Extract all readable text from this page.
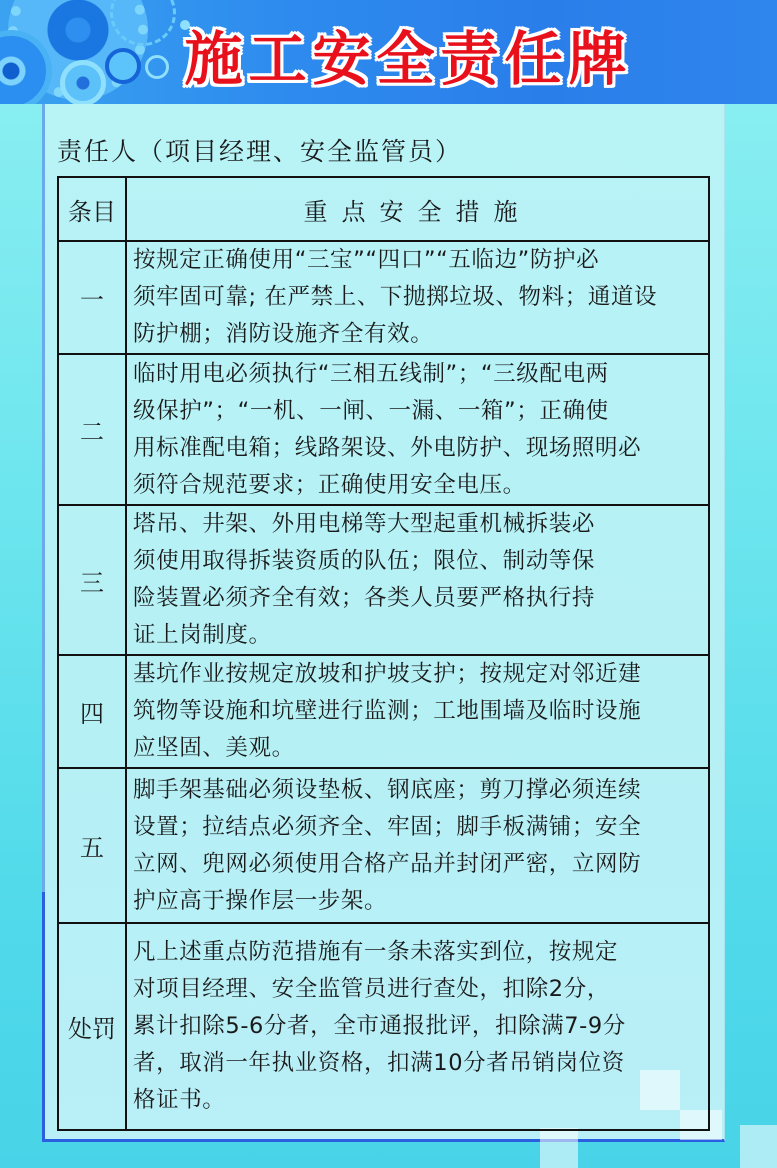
施工安全责任牌
责任人（项目经理、安全监管员）
条目	重点安全措施
一	按规定正确使用“三宝”“四口”“五临边”防护必
须牢固可靠; 在严禁上、下抛掷垃圾、物料；通道设
防护棚；消防设施齐全有效。

二	临时用电必须执行“三相五线制”；“三级配电两
级保护”；“一机、一闸、一漏、一箱”；正确使
用标准配电箱；线路架设、外电防护、现场照明必
须符合规范要求；正确使用安全电压。

三	塔吊、井架、外用电梯等大型起重机械拆装必
须使用取得拆装资质的队伍；限位、制动等保
险装置必须齐全有效；各类人员要严格执行持
证上岗制度。

四	基坑作业按规定放坡和护坡支护；按规定对邻近建
筑物等设施和坑壁进行监测；工地围墙及临时设施
应坚固、美观。

五	脚手架基础必须设垫板、钢底座；剪刀撑必须连续
设置；拉结点必须齐全、牢固；脚手板满铺；安全
立网、兜网必须使用合格产品并封闭严密，立网防
护应高于操作层一步架。

处罚	凡上述重点防范措施有一条未落实到位，按规定
对项目经理、安全监管员进行查处，扣除2分，
累计扣除5-6分者，全市通报批评，扣除满7-9分
者，取消一年执业资格，扣满10分者吊销岗位资
格证书。
